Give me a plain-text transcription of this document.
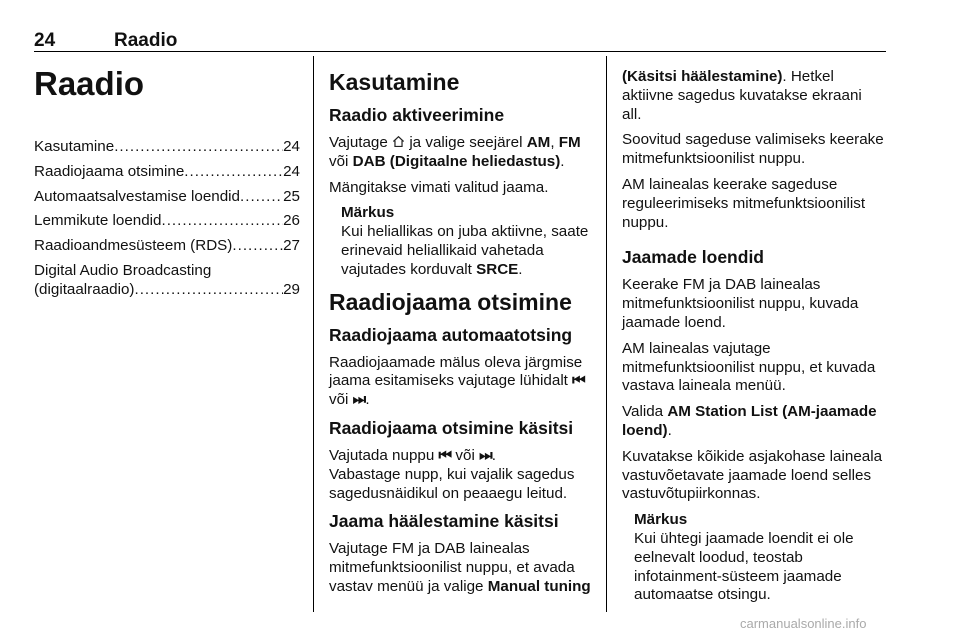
24	Raadio
Raadio
Kasutamine .....	24
Raadiojaama otsimine .....	24
Automaatsalvestamise loendid .....	25
Lemmikute loendid .....	26
Raadioandmesüsteem (RDS) .....	27
Digital Audio Broadcasting
(digitaalraadio) .....	29
Kasutamine
Raadio aktiveerimine

Vajutage ja valige seejärel AM, FM või DAB (Digitaalne heliedastus).

Mängitakse vimati valitud jaama.

Märkus
Kui heliallikas on juba aktiivne, saate erinevaid heliallikaid vahetada vajutades korduvalt SRCE.
Raadiojaama otsimine
Raadiojaama automaatotsing

Raadiojaamade mälus oleva järgmise jaama esitamiseks vajutage lühidalt ⏮ või ⏭.

Raadiojaama otsimine käsitsi

Vajutada nuppu ⏮ või ⏭.
Vabastage nupp, kui vajalik sagedus sagedusnäidikul on peaaegu leitud.

Jaama häälestamine käsitsi

Vajutage FM ja DAB lainealas mitmefunktsioonilist nuppu, et avada vastav menüü ja valige Manual tuning

(Käsitsi häälestamine). Hetkel aktiivne sagedus kuvatakse ekraani all.

Soovitud sageduse valimiseks keerake mitmefunktsioonilist nuppu.

AM lainealas keerake sageduse reguleerimiseks mitmefunktsioonilist nuppu.

Jaamade loendid

Keerake FM ja DAB lainealas mitmefunktsioonilist nuppu, kuvada jaamade loend.

AM lainealas vajutage mitmefunktsioonilist nuppu, et kuvada vastava laineala menüü.

Valida AM Station List (AM-jaamade loend).

Kuvatakse kõikide asjakohase laineala vastuvõetavate jaamade loend selles vastuvõtupiirkonnas.

Märkus
Kui ühtegi jaamade loendit ei ole eelnevalt loodud, teostab infotainment-süsteem jaamade automaatse otsingu.
carmanualsonline.info
